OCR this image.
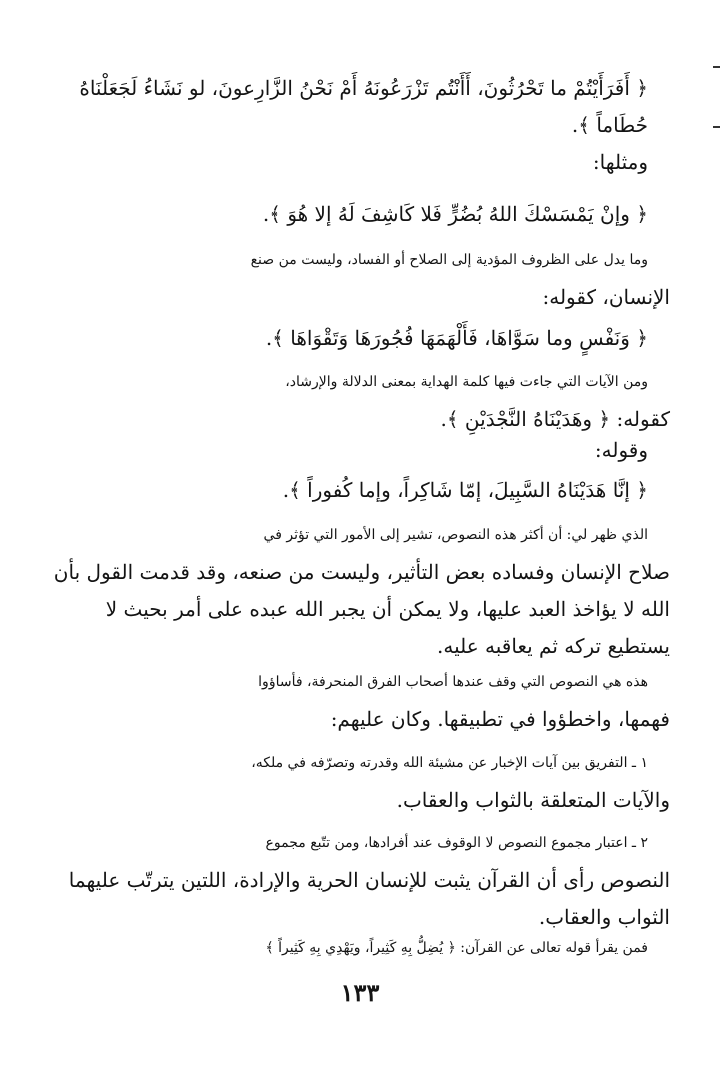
﴿ أَفَرَأَيْتُمْ ما تَحْرُثُونَ، أَأَنْتُم تَزْرَعُونَهُ أَمْ نَحْنُ الزَّارِعونَ، لو نَشَاءُ لَجَعَلْنَاهُ
حُطَاماً ﴾.
ومثلها:
﴿ وإنْ يَمْسَسْكَ اللهُ بُضُرٍّ فَلا كَاشِفَ لَهُ إلا هُوَ ﴾.
وما يدل على الظروف المؤدية إلى الصلاح أو الفساد، وليست من صنع
الإنسان، كقوله:
﴿ وَنَفْسٍ وما سَوَّاهَا، فَأَلْهَمَهَا فُجُورَهَا وَتَقْوَاهَا ﴾.
ومن الآيات التي جاءت فيها كلمة الهداية بمعنى الدلالة والإرشاد،
كقوله: ﴿ وهَدَيْنَاهُ النَّجْدَيْنِ ﴾.
وقوله:
﴿ إنَّا هَدَيْنَاهُ السَّبِيلَ، إمّا شَاكِراً، وإما كُفوراً ﴾.
الذي ظهر لي: أن أكثر هذه النصوص، تشير إلى الأمور التي تؤثر في
صلاح الإنسان وفساده بعض التأثير، وليست من صنعه، وقد قدمت القول بأن
الله لا يؤاخذ العبد عليها، ولا يمكن أن يجبر الله عبده على أمر بحيث لا
يستطيع تركه ثم يعاقبه عليه.
هذه هي النصوص التي وقف عندها أصحاب الفرق المنحرفة، فأساؤوا
فهمها، واخطؤوا في تطبيقها. وكان عليهم:
١ ـ التفريق بين آيات الإخبار عن مشيئة الله وقدرته وتصرّفه في ملكه،
والآيات المتعلقة بالثواب والعقاب.
٢ ـ اعتبار مجموع النصوص لا الوقوف عند أفرادها، ومن تتّبع مجموع
النصوص رأى أن القرآن يثبت للإنسان الحرية والإرادة، اللتين يترتّب عليهما
الثواب والعقاب.
فمن يقرأ قوله تعالى عن القرآن: ﴿ يُضِلُّ بِهِ كَثِيراً، ويَهْدِي بِهِ كَثِيراً ﴾
١٣٣
